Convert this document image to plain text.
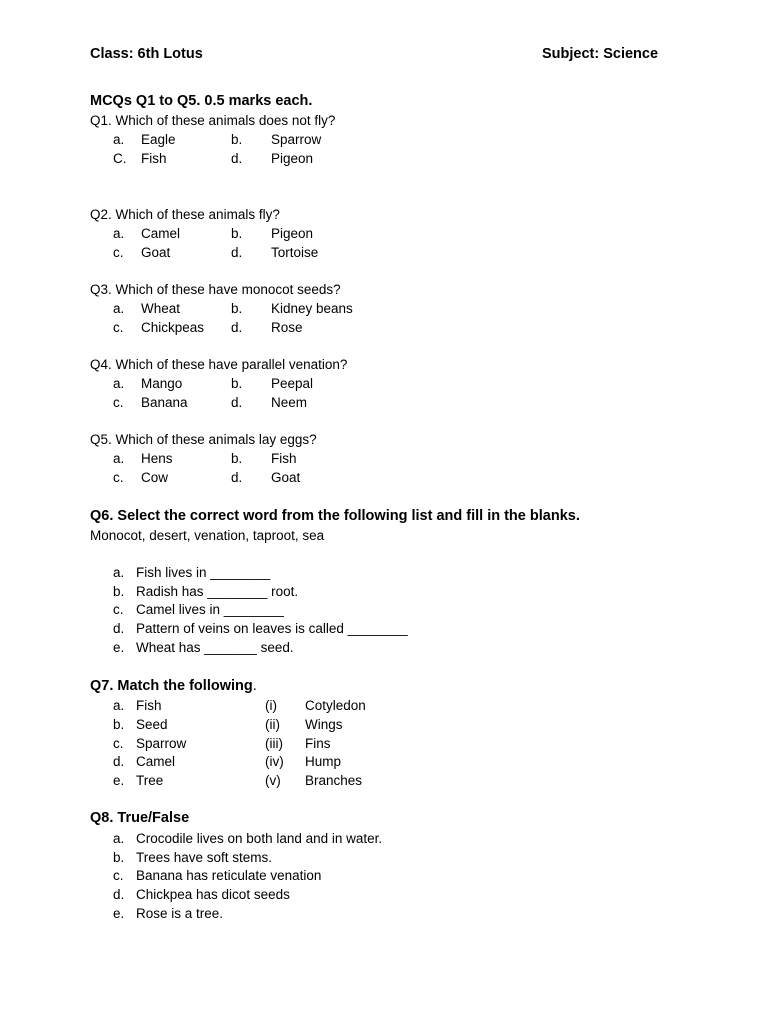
Class: 6th Lotus	Subject: Science
MCQs Q1 to Q5. 0.5 marks each.
Q1. Which of these animals does not fly?
a. Eagle	b. Sparrow
C. Fish	d. Pigeon
Q2. Which of these animals fly?
a. Camel	b. Pigeon
c. Goat	d. Tortoise
Q3. Which of these have monocot seeds?
a. Wheat	b. Kidney beans
c. Chickpeas d. Rose
Q4. Which of these have parallel venation?
a. Mango	b. Peepal
c. Banana	d. Neem
Q5. Which of these animals lay eggs?
a. Hens	b. Fish
c. Cow	d. Goat
Q6. Select the correct word from the following list and fill in the blanks.
Monocot, desert, venation, taproot, sea
a. Fish lives in ________
b. Radish has ________ root.
c. Camel lives in ________
d. Pattern of veins on leaves is called ________
e. Wheat has _______ seed.
Q7. Match the following.
a. Fish	(i) Cotyledon
b. Seed	(ii) Wings
c. Sparrow	(iii) Fins
d. Camel	(iv) Hump
e. Tree	(v) Branches
Q8. True/False
a. Crocodile lives on both land and in water.
b. Trees have soft stems.
c. Banana has reticulate venation
d. Chickpea has dicot seeds
e. Rose is a tree.
